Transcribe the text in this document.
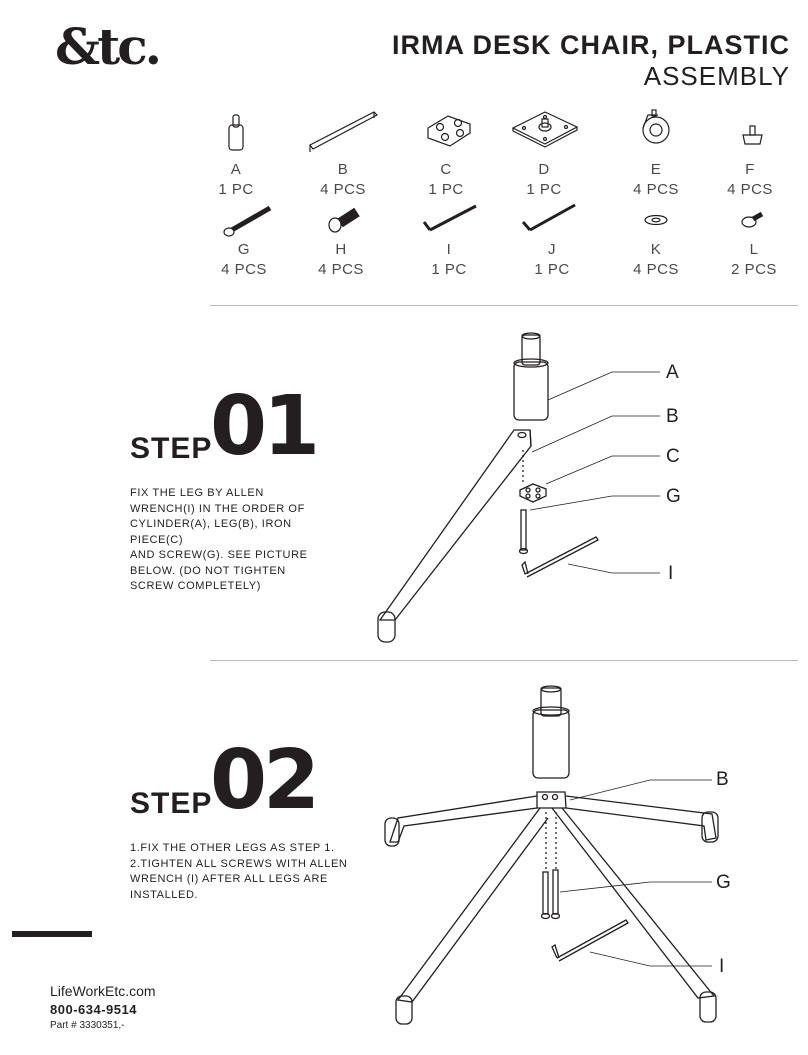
&tc.	IRMA DESK CHAIR, PLASTIC
ASSEMBLY
A
1 PC
B
4 PCS
C
1 PC
D
1 PC
E
4 PCS
F
4 PCS
G
4 PCS
H
4 PCS
I
1 PC
J
1 PC
K
4 PCS
L
2 PCS
STEP
01
FIX THE LEG BY ALLEN
WRENCH(I) IN THE ORDER OF
CYLINDER(A), LEG(B), IRON
PIECE(C)
AND SCREW(G). SEE PICTURE
BELOW. (DO NOT TIGHTEN
SCREW COMPLETELY)
A
B
C
G
I
STEP
02
1.FIX THE OTHER LEGS AS STEP 1.
2.TIGHTEN ALL SCREWS WITH ALLEN
WRENCH (I) AFTER ALL LEGS ARE
INSTALLED.
B
G
I
LifeWorkEtc.com
800-634-9514
Part # 3330351,-
